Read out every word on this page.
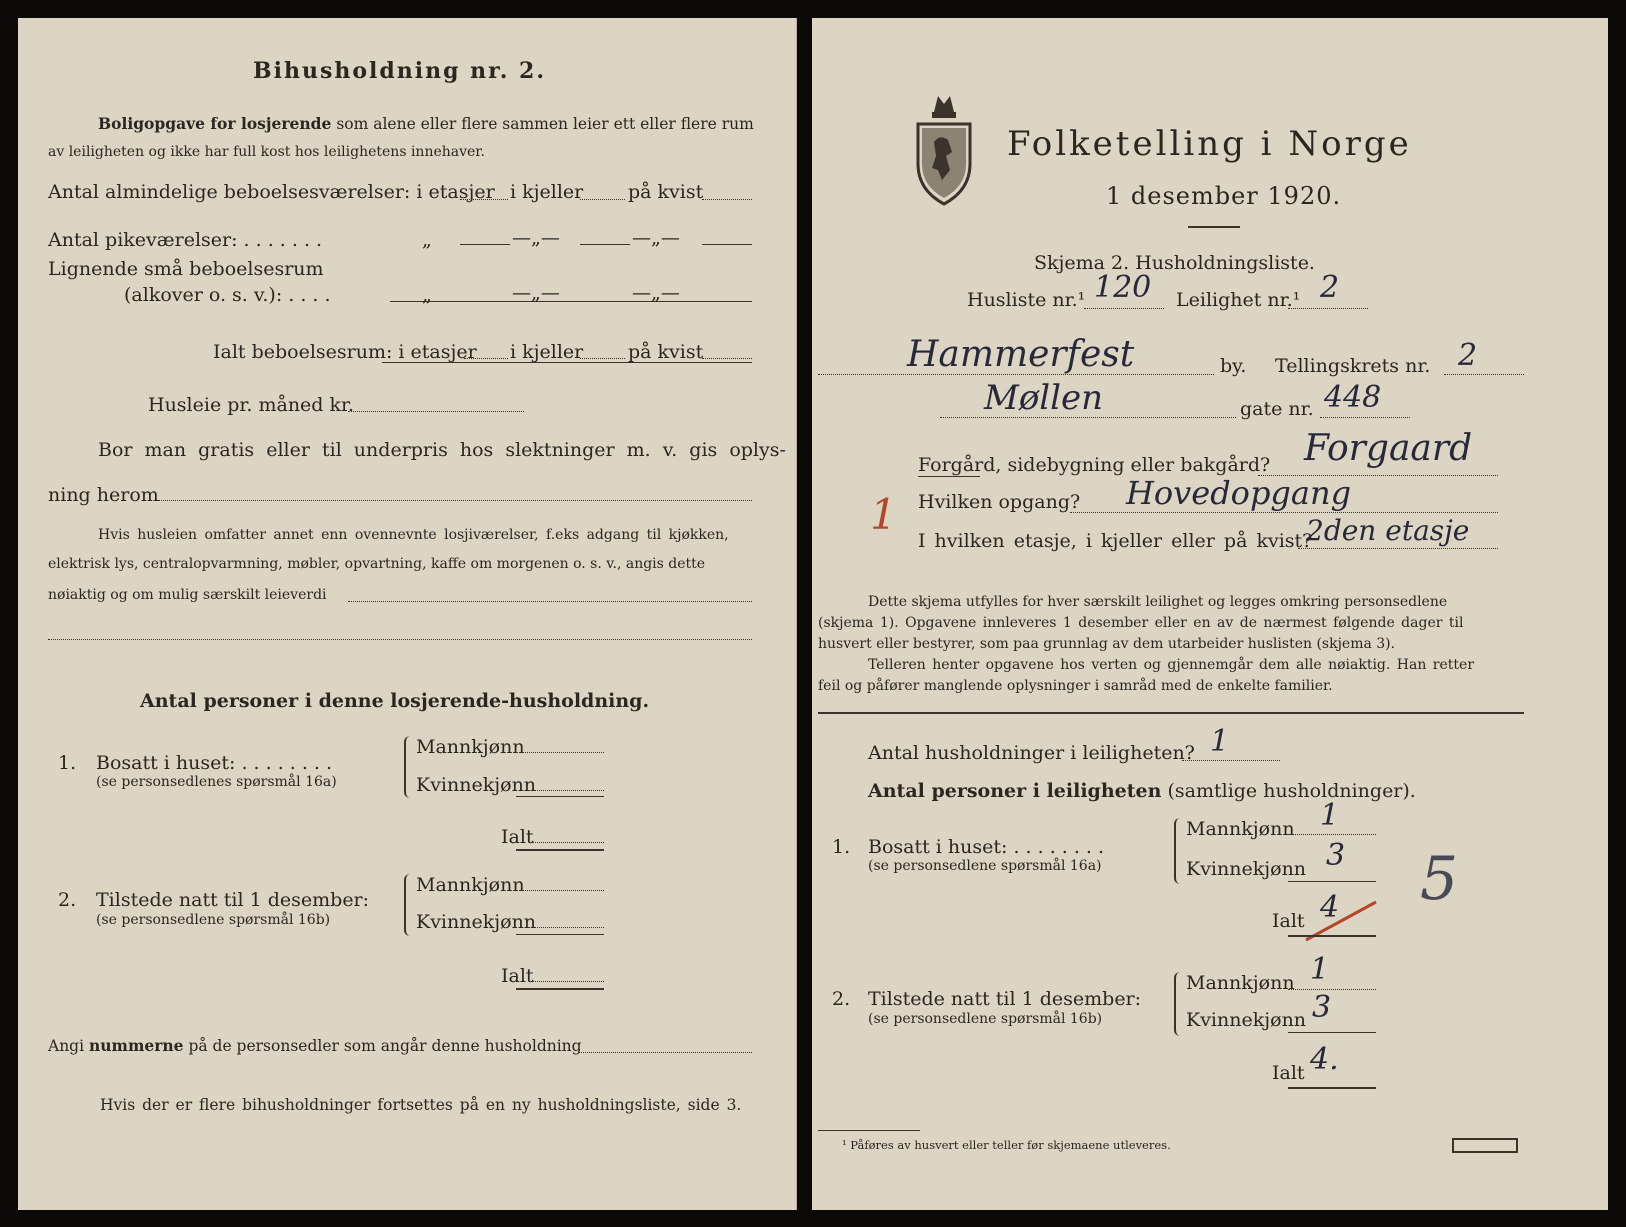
Bihusholdning nr. 2.
Boligopgave for losjerende som alene eller flere sammen leier ett eller flere rum
av leiligheten og ikke har full kost hos leilighetens innehaver.
Antal almindelige beboelsesværelser: i etasjer i kjeller på kvist
Antal pikeværelser: . . . . . . .	„	—„—	—„—
Lignende små beboelsesrum
(alkover o. s. v.): . . . .	„	—„—	—„—
Ialt beboelsesrum: i etasjer i kjeller på kvist
Husleie pr. måned kr.
Bor man gratis eller til underpris hos slektninger m. v. gis oplys-
ning herom
Hvis husleien omfatter annet enn ovennevnte losjiværelser, f.eks adgang til kjøkken,
elektrisk lys, centralopvarmning, møbler, opvartning, kaffe om morgenen o. s. v., angis dette
nøiaktig og om mulig særskilt leieverdi
Antal personer i denne losjerende-husholdning.
1. Bosatt i huset: . . . . . . . .
(se personsedlenes spørsmål 16a)
Mannkjønn
Kvinnekjønn
Ialt
2. Tilstede natt til 1 desember:
(se personsedlene spørsmål 16b)
Mannkjønn
Kvinnekjønn
Ialt
Angi nummerne på de personsedler som angår denne husholdning
Hvis der er flere bihusholdninger fortsettes på en ny husholdningsliste, side 3.
Folketelling i Norge
1 desember 1920.
Skjema 2. Husholdningsliste.
Husliste nr.¹ 120 Leilighet nr.¹ 2
Hammerfest	by. Tellingskrets nr. 2
Møllen	gate nr. 448
Forgård, sidebygning eller bakgård? Forgaard
1 Hvilken opgang? Hovedopgang
I hvilken etasje, i kjeller eller på kvist?
2den etasje
Dette skjema utfylles for hver særskilt leilighet og legges omkring personsedlene
(skjema 1). Opgavene innleveres 1 desember eller en av de nærmest følgende dager til
husvert eller bestyrer, som paa grunnlag av dem utarbeider huslisten (skjema 3).
Telleren henter opgavene hos verten og gjennemgår dem alle nøiaktig. Han retter
feil og påfører manglende oplysninger i samråd med de enkelte familier.
Antal husholdninger i leiligheten? 1
Antal personer i leiligheten (samtlige husholdninger).
1. Bosatt i huset: . . . . . . . .
(se personsedlene spørsmål 16a)
Mannkjønn 1
Kvinnekjønn 3
Ialt 4 5
2. Tilstede natt til 1 desember:
(se personsedlene spørsmål 16b)
Mannkjønn 1
Kvinnekjønn 3
Ialt 4.
¹ Påføres av husvert eller teller før skjemaene utleveres.
